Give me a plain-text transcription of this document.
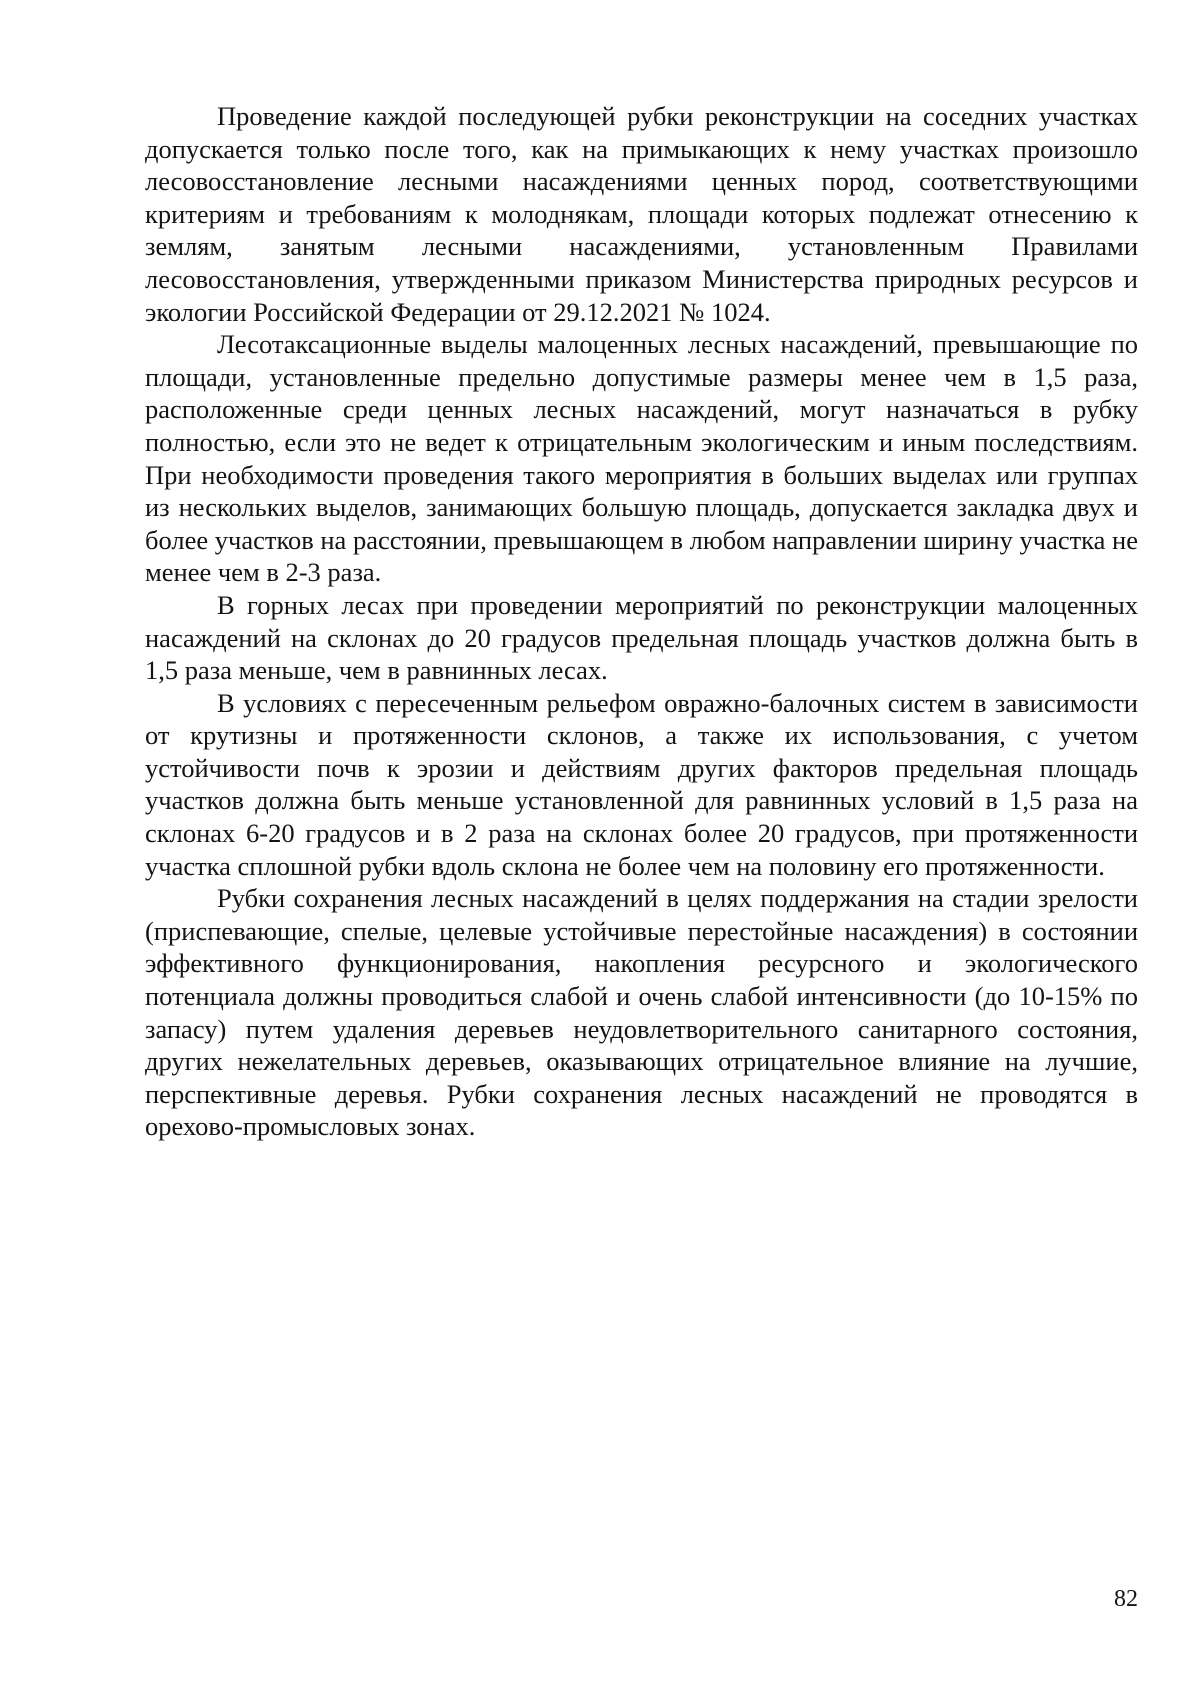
Проведение каждой последующей рубки реконструкции на соседних участках допускается только после того, как на примыкающих к нему участках произошло лесовосстановление лесными насаждениями ценных пород, соответствующими критериям и требованиям к молоднякам, площади которых подлежат отнесению к землям, занятым лесными насаждениями, установленным Правилами лесовосстановления, утвержденными приказом Министерства природных ресурсов и экологии Российской Федерации от 29.12.2021 № 1024.

Лесотаксационные выделы малоценных лесных насаждений, превышающие по площади, установленные предельно допустимые размеры менее чем в 1,5 раза, расположенные среди ценных лесных насаждений, могут назначаться в рубку полностью, если это не ведет к отрицательным экологическим и иным последствиям. При необходимости проведения такого мероприятия в больших выделах или группах из нескольких выделов, занимающих большую площадь, допускается закладка двух и более участков на расстоянии, превышающем в любом направлении ширину участка не менее чем в 2-3 раза.

В горных лесах при проведении мероприятий по реконструкции малоценных насаждений на склонах до 20 градусов предельная площадь участков должна быть в 1,5 раза меньше, чем в равнинных лесах.

В условиях с пересеченным рельефом овражно-балочных систем в зависимости от крутизны и протяженности склонов, а также их использования, с учетом устойчивости почв к эрозии и действиям других факторов предельная площадь участков должна быть меньше установленной для равнинных условий в 1,5 раза на склонах 6-20 градусов и в 2 раза на склонах более 20 градусов, при протяженности участка сплошной рубки вдоль склона не более чем на половину его протяженности.

Рубки сохранения лесных насаждений в целях поддержания на стадии зрелости (приспевающие, спелые, целевые устойчивые перестойные насаждения) в состоянии эффективного функционирования, накопления ресурсного и экологического потенциала должны проводиться слабой и очень слабой интенсивности (до 10-15% по запасу) путем удаления деревьев неудовлетворительного санитарного состояния, других нежелательных деревьев, оказывающих отрицательное влияние на лучшие, перспективные деревья. Рубки сохранения лесных насаждений не проводятся в орехово-промысловых зонах.

82
